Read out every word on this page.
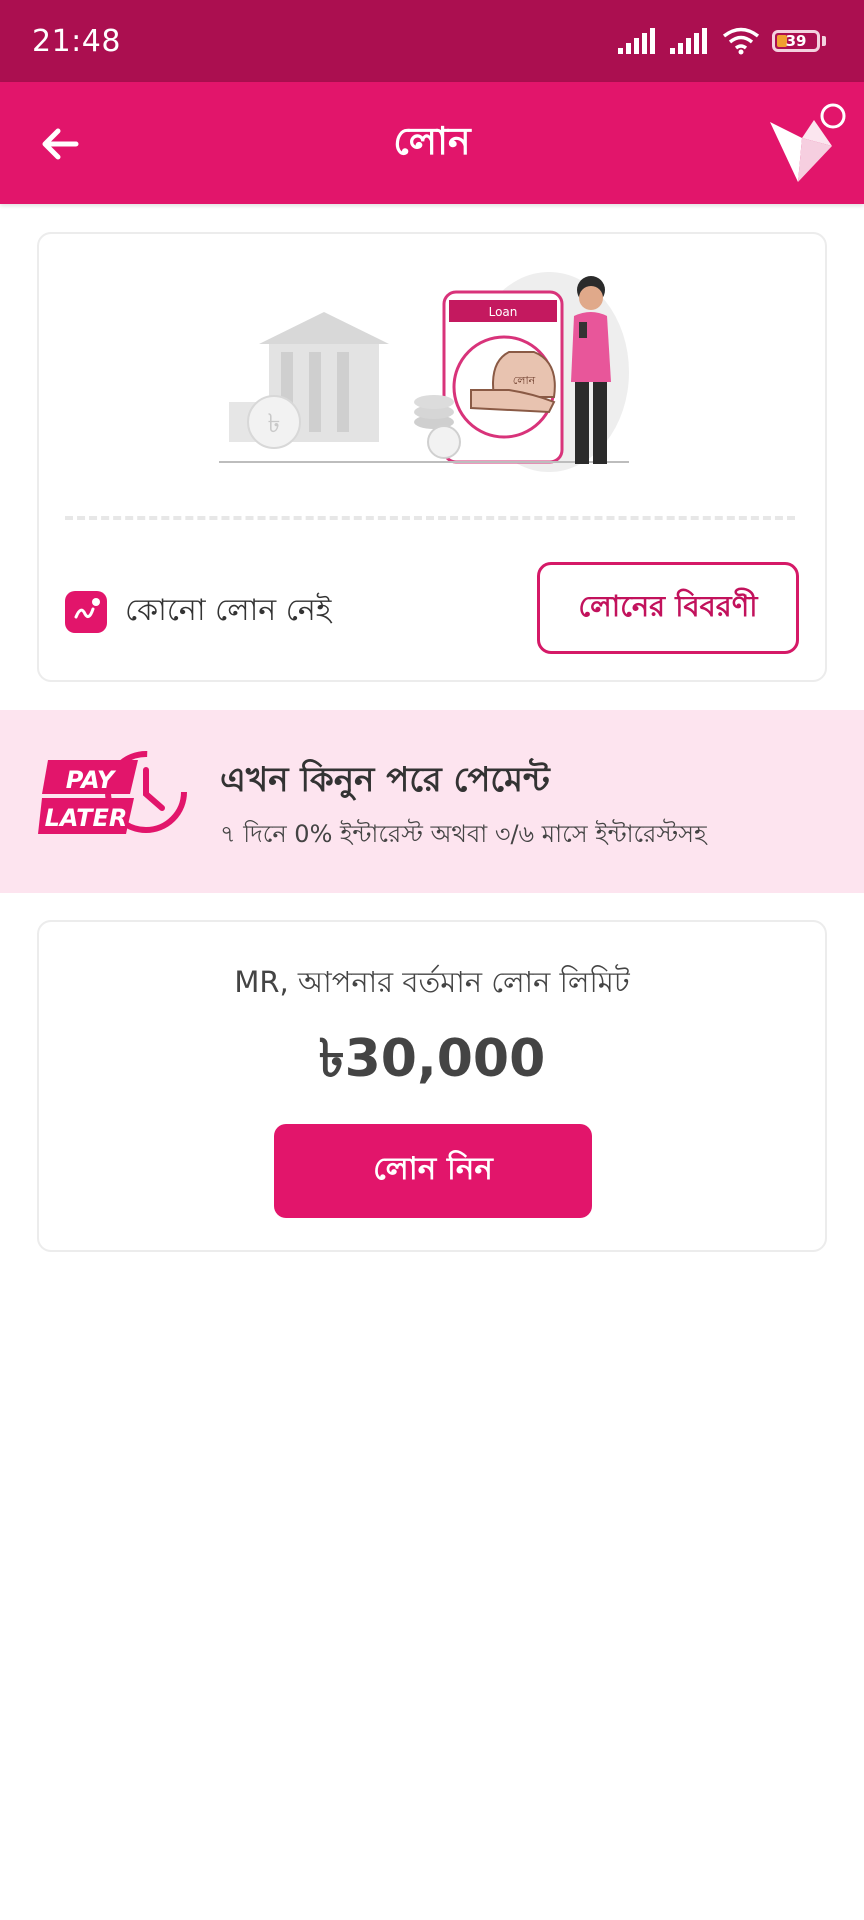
21:48	39
লোন
৳
Loan
লোন
কোনো লোন নেই	লোনের বিবরণী
PAY
LATER
এখন কিনুন পরে পেমেন্ট
৭ দিনে 0% ইন্টারেস্ট অথবা ৩/৬ মাসে ইন্টারেস্টসহ
MR, আপনার বর্তমান লোন লিমিট
৳30,000
লোন নিন
